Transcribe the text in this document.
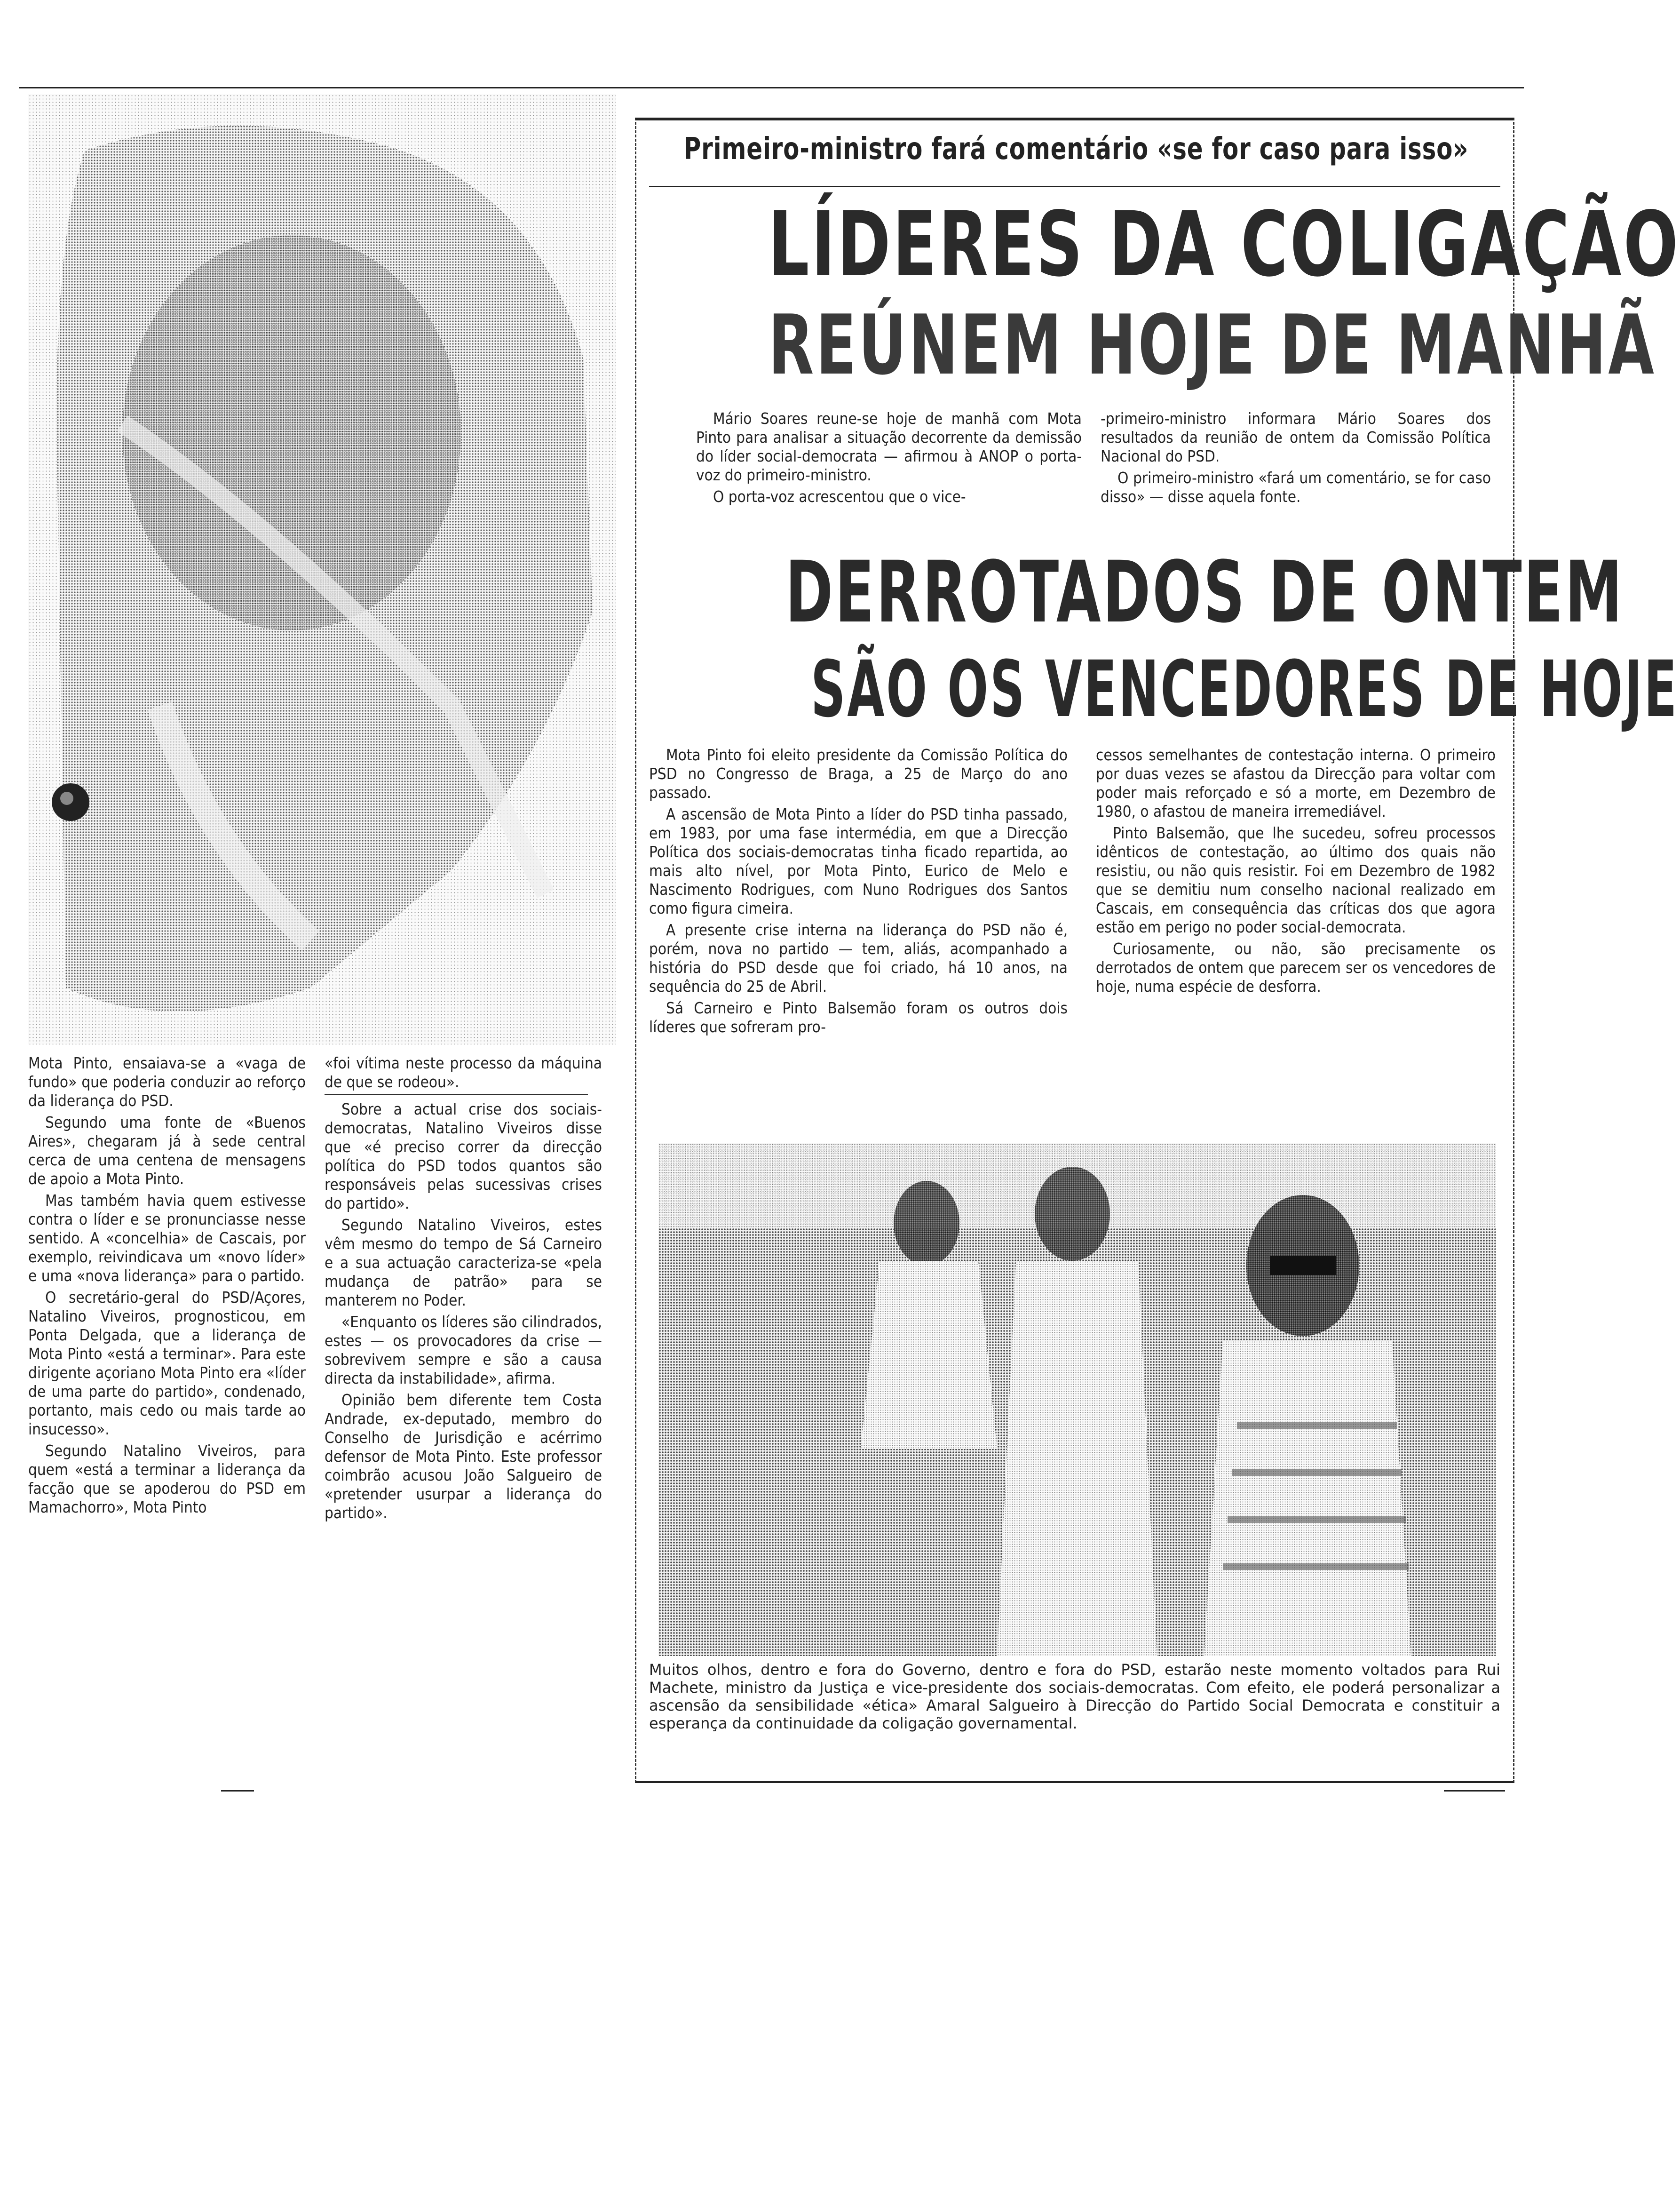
Mota Pinto, ensaiava-se a «vaga de fundo» que poderia conduzir ao reforço da liderança do PSD.

Segundo uma fonte de «Buenos Aires», chegaram já à sede central cerca de uma centena de mensagens de apoio a Mota Pinto.

Mas também havia quem estivesse contra o líder e se pronunciasse nesse sentido. A «concelhia» de Cascais, por exemplo, reivindicava um «novo líder» e uma «nova liderança» para o partido.

O secretário-geral do PSD/Açores, Natalino Viveiros, prognosticou, em Ponta Delgada, que a liderança de Mota Pinto «está a terminar». Para este dirigente açoriano Mota Pinto era «líder de uma parte do partido», condenado, portanto, mais cedo ou mais tarde ao insucesso».

Segundo Natalino Viveiros, para quem «está a terminar a liderança da facção que se apoderou do PSD em Mamachorro», Mota Pinto

«foi vítima neste processo da máquina de que se rodeou».

Sobre a actual crise dos sociais-democratas, Natalino Viveiros disse que «é preciso correr da direcção política do PSD todos quantos são responsáveis pelas sucessivas crises do partido».

Segundo Natalino Viveiros, estes vêm mesmo do tempo de Sá Carneiro e a sua actuação caracteriza-se «pela mudança de patrão» para se manterem no Poder.

«Enquanto os líderes são cilindrados, estes — os provocadores da crise — sobrevivem sempre e são a causa directa da instabilidade», afirma.

Opinião bem diferente tem Costa Andrade, ex-deputado, membro do Conselho de Jurisdição e acérrimo defensor de Mota Pinto. Este professor coimbrão acusou João Salgueiro de «pretender usurpar a liderança do partido».

Primeiro-ministro fará comentário «se for caso para isso»
LÍDERES DA COLIGAÇÃO
REÚNEM HOJE DE MANHÃ

Mário Soares reune-se hoje de manhã com Mota Pinto para analisar a situação decorrente da demissão do líder social-democrata — afirmou à ANOP o porta-voz do primeiro-ministro.

O porta-voz acrescentou que o vice-

-primeiro-ministro informara Mário Soares dos resultados da reunião de ontem da Comissão Política Nacional do PSD.

O primeiro-ministro «fará um comentário, se for caso disso» — disse aquela fonte.

DERROTADOS DE ONTEM
SÃO OS VENCEDORES DE HOJE

Mota Pinto foi eleito presidente da Comissão Política do PSD no Congresso de Braga, a 25 de Março do ano passado.

A ascensão de Mota Pinto a líder do PSD tinha passado, em 1983, por uma fase intermédia, em que a Direcção Política dos sociais-democratas tinha ficado repartida, ao mais alto nível, por Mota Pinto, Eurico de Melo e Nascimento Rodrigues, com Nuno Rodrigues dos Santos como figura cimeira.

A presente crise interna na liderança do PSD não é, porém, nova no partido — tem, aliás, acompanhado a história do PSD desde que foi criado, há 10 anos, na sequência do 25 de Abril.

Sá Carneiro e Pinto Balsemão foram os outros dois líderes que sofreram pro-

cessos semelhantes de contestação interna. O primeiro por duas vezes se afastou da Direcção para voltar com poder mais reforçado e só a morte, em Dezembro de 1980, o afastou de maneira irremediável.

Pinto Balsemão, que lhe sucedeu, sofreu processos idênticos de contestação, ao último dos quais não resistiu, ou não quis resistir. Foi em Dezembro de 1982 que se demitiu num conselho nacional realizado em Cascais, em consequência das críticas dos que agora estão em perigo no poder social-democrata.

Curiosamente, ou não, são precisamente os derrotados de ontem que parecem ser os vencedores de hoje, numa espécie de desforra.

Muitos olhos, dentro e fora do Governo, dentro e fora do PSD, estarão neste momento voltados para Rui Machete, ministro da Justiça e vice-presidente dos sociais-democratas. Com efeito, ele poderá personalizar a ascensão da sensibilidade «ética» Amaral Salgueiro à Direcção do Partido Social Democrata e constituir a esperança da continuidade da coligação governamental.
